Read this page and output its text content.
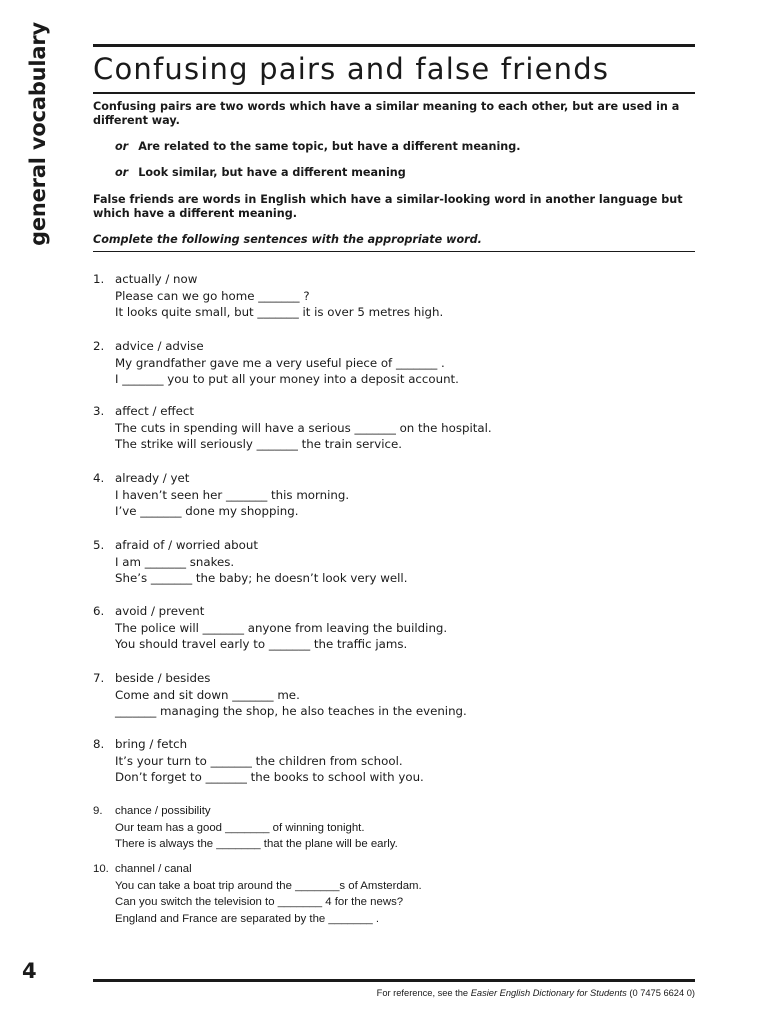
general vocabulary Confusing pairs and false friends

Confusing pairs are two words which have a similar meaning to each other, but are used in a different way.

or Are related to the same topic, but have a different meaning.

or Look similar, but have a different meaning

False friends are words in English which have a similar-looking word in another language but which have a different meaning.

Complete the following sentences with the appropriate word.

1. actually / now
Please can we go home _______ ?
It looks quite small, but _______ it is over 5 metres high.
2. advice / advise
My grandfather gave me a very useful piece of _______ .
I _______ you to put all your money into a deposit account.
3. affect / effect
The cuts in spending will have a serious _______ on the hospital.
The strike will seriously _______ the train service.
4. already / yet
I haven’t seen her _______ this morning.
I’ve _______ done my shopping.
5. afraid of / worried about
I am _______ snakes.
She’s _______ the baby; he doesn’t look very well.
6. avoid / prevent
The police will _______ anyone from leaving the building.
You should travel early to _______ the traffic jams.
7. beside / besides
Come and sit down _______ me.
_______ managing the shop, he also teaches in the evening.
8. bring / fetch
It’s your turn to _______ the children from school.
Don’t forget to _______ the books to school with you.
9.	chance / possibility
Our team has a good _______ of winning tonight.
There is always the _______ that the plane will be early.
10. channel / canal
You can take a boat trip around the _______s of Amsterdam.
Can you switch the television to _______ 4 for the news?
England and France are separated by the _______ .
4
For reference, see the Easier English Dictionary for Students (0 7475 6624 0)
